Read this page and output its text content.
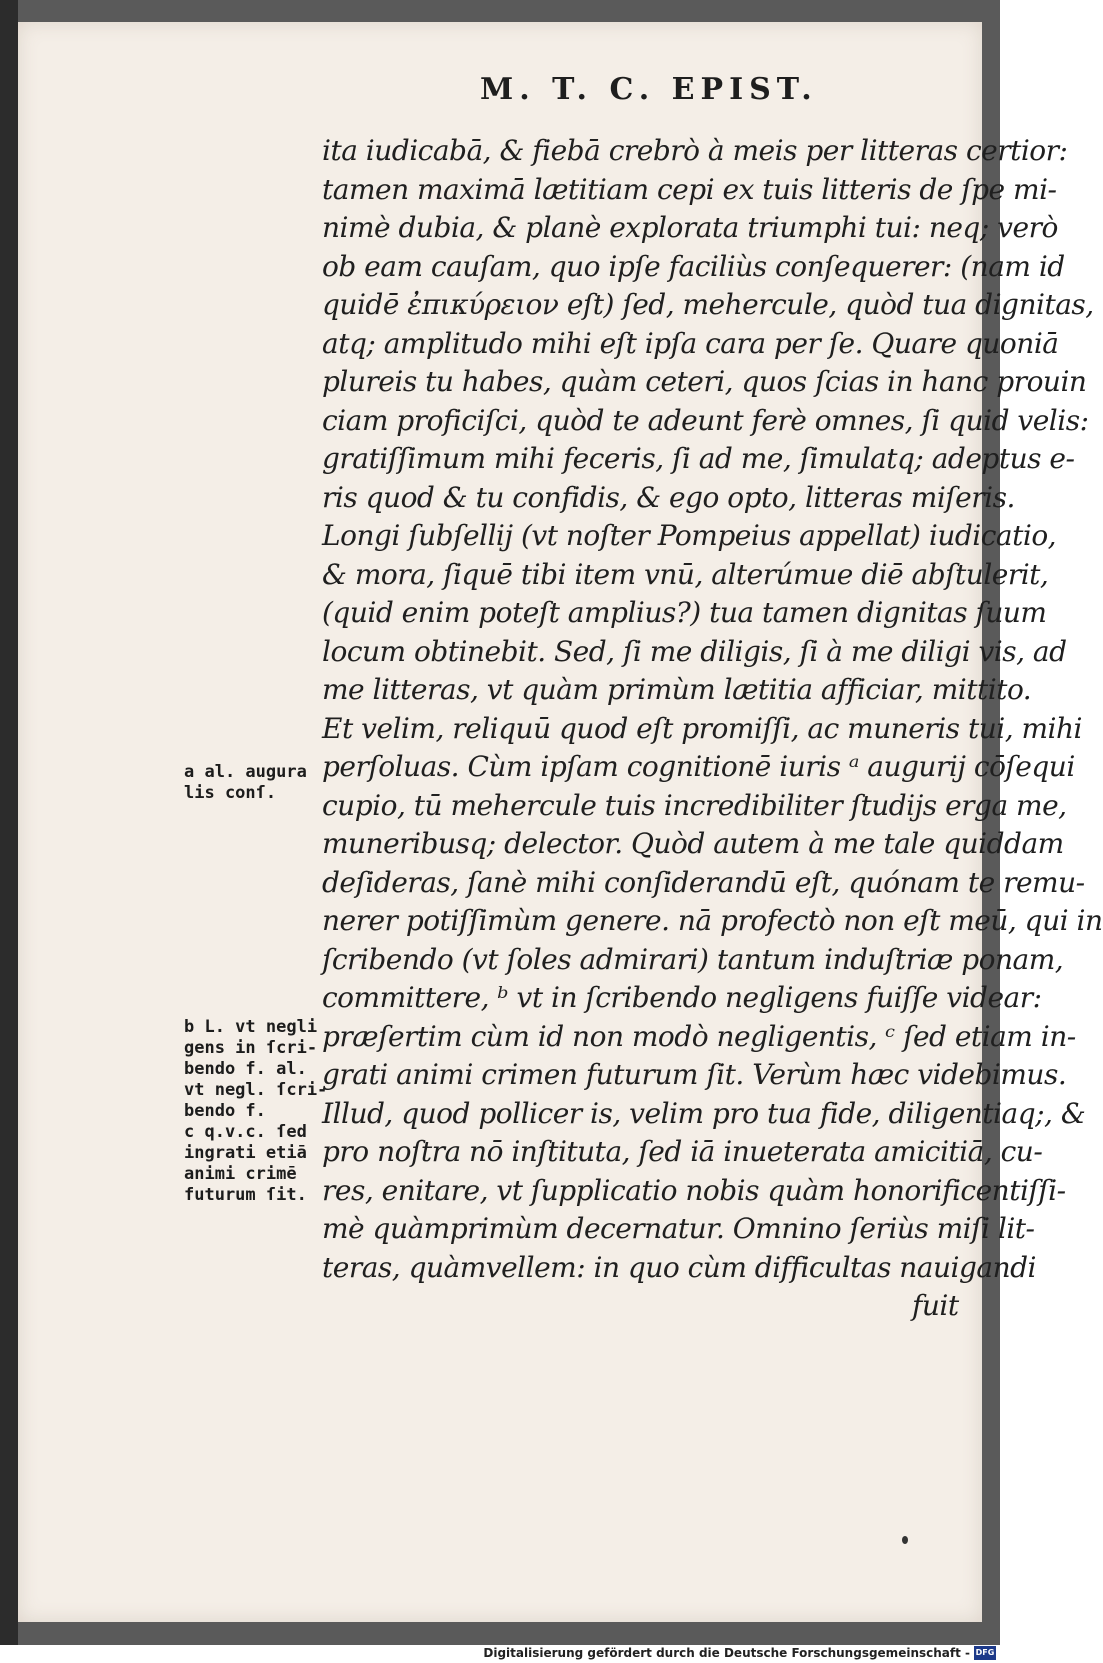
M. T. C. EPIST.
ita iudicabā, & fiebā crebrò à meis per litteras certior:
tamen maximā lætitiam cepi ex tuis litteris de ſpe mi-
nimè dubia, & planè explorata triumphi tui: neq; verò
ob eam cauſam, quo ipſe faciliùs conſequerer: (nam id
quidē ἐπικύρειον eſt) ſed, mehercule, quòd tua dignitas,
atq; amplitudo mihi eſt ipſa cara per ſe. Quare quoniā
plureis tu habes, quàm ceteri, quos ſcias in hanc prouin
ciam proficiſci, quòd te adeunt ferè omnes, ſi quid velis:
gratiſſimum mihi feceris, ſi ad me, ſimulatq; adeptus e-
ris quod & tu confidis, & ego opto, litteras miſeris.
Longi ſubſellij (vt noſter Pompeius appellat) iudicatio,
& mora, ſiquē tibi item vnū, alterúmue diē abſtulerit,
(quid enim poteſt amplius?) tua tamen dignitas ſuum
locum obtinebit. Sed, ſi me diligis, ſi à me diligi vis, ad
me litteras, vt quàm primùm lætitia afficiar, mittito.
Et velim, reliquū quod eſt promiſſi, ac muneris tui, mihi
perſoluas. Cùm ipſam cognitionē iuris ᵃ augurij cōſequi
cupio, tū mehercule tuis incredibiliter ſtudijs erga me,
muneribusq; delector. Quòd autem à me tale quiddam
deſideras, ſanè mihi conſiderandū eſt, quónam te remu-
nerer potiſſimùm genere. nā profectò non eſt meū, qui in
ſcribendo (vt ſoles admirari) tantum induſtriæ ponam,
committere, ᵇ vt in ſcribendo negligens fuiſſe videar:
præſertim cùm id non modò negligentis, ᶜ ſed etiam in-
grati animi crimen futurum ſit. Verùm hæc videbimus.
Illud, quod pollicer is, velim pro tua fide, diligentiaq;, &
pro noſtra nō inſtituta, ſed iā inueterata amicitiā, cu-
res, enitare, vt ſupplicatio nobis quàm honorificentiſſi-
mè quàmprimùm decernatur. Omnino ſeriùs miſi lit-
teras, quàmvellem: in quo cùm difficultas nauigandi
fuit
a al. augura
lis conſ.
b L. vt negli
gens in ſcri-
bendo f. al.
vt negl. ſcri-
bendo f.
c q.v.c. ſed
ingrati etiā
animi crimē
futurum ſit.
Digitalisierung gefördert durch die Deutsche Forschungsgemeinschaft - DFG
